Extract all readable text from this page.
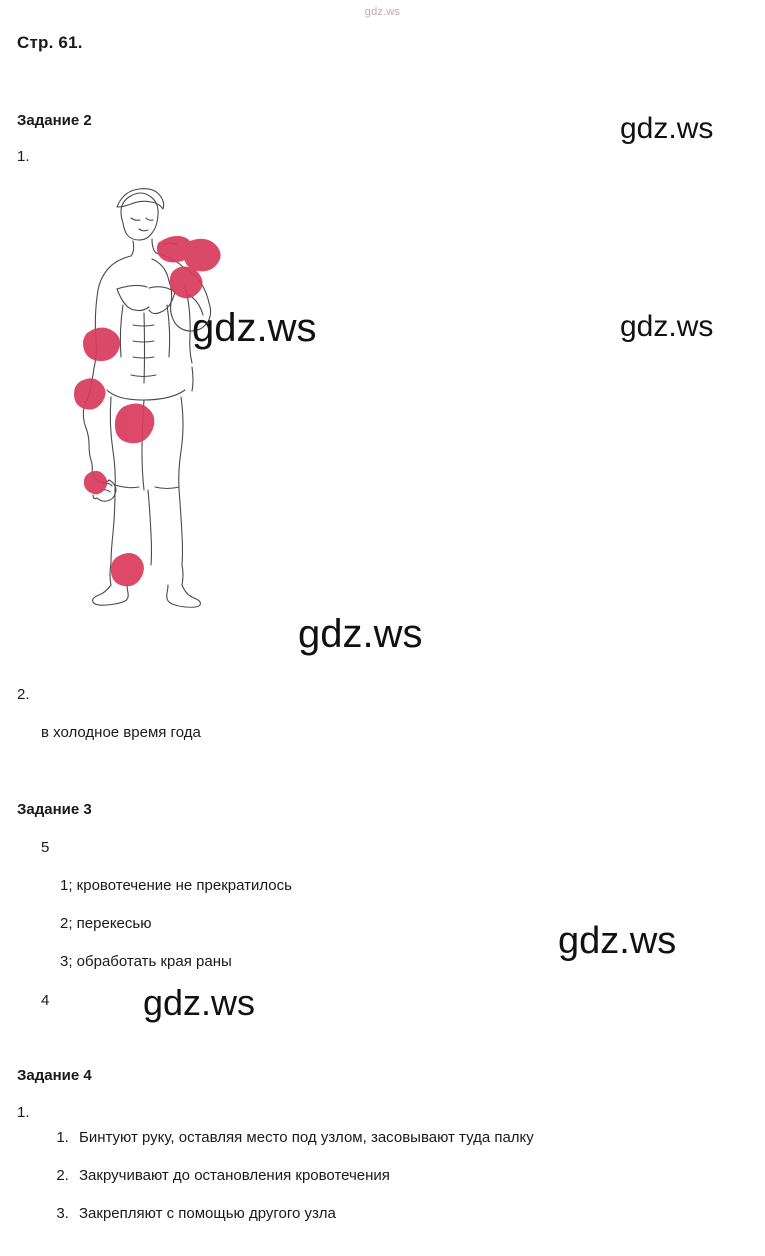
gdz.ws
Стр. 61.
Задание 2
1.
2.
в холодное время года
Задание 3
5
1; кровотечение не прекратилось
2; перекесью
3; обработать края раны
4
Задание 4
1.
1. Бинтуют руку, оставляя место под узлом, засовывают туда палку
2. Закручивают до остановления кровотечения
3. Закрепляют с помощью другого узла
gdz.ws
gdz.ws	gdz.ws
gdz.ws
gdz.ws
gdz.ws
